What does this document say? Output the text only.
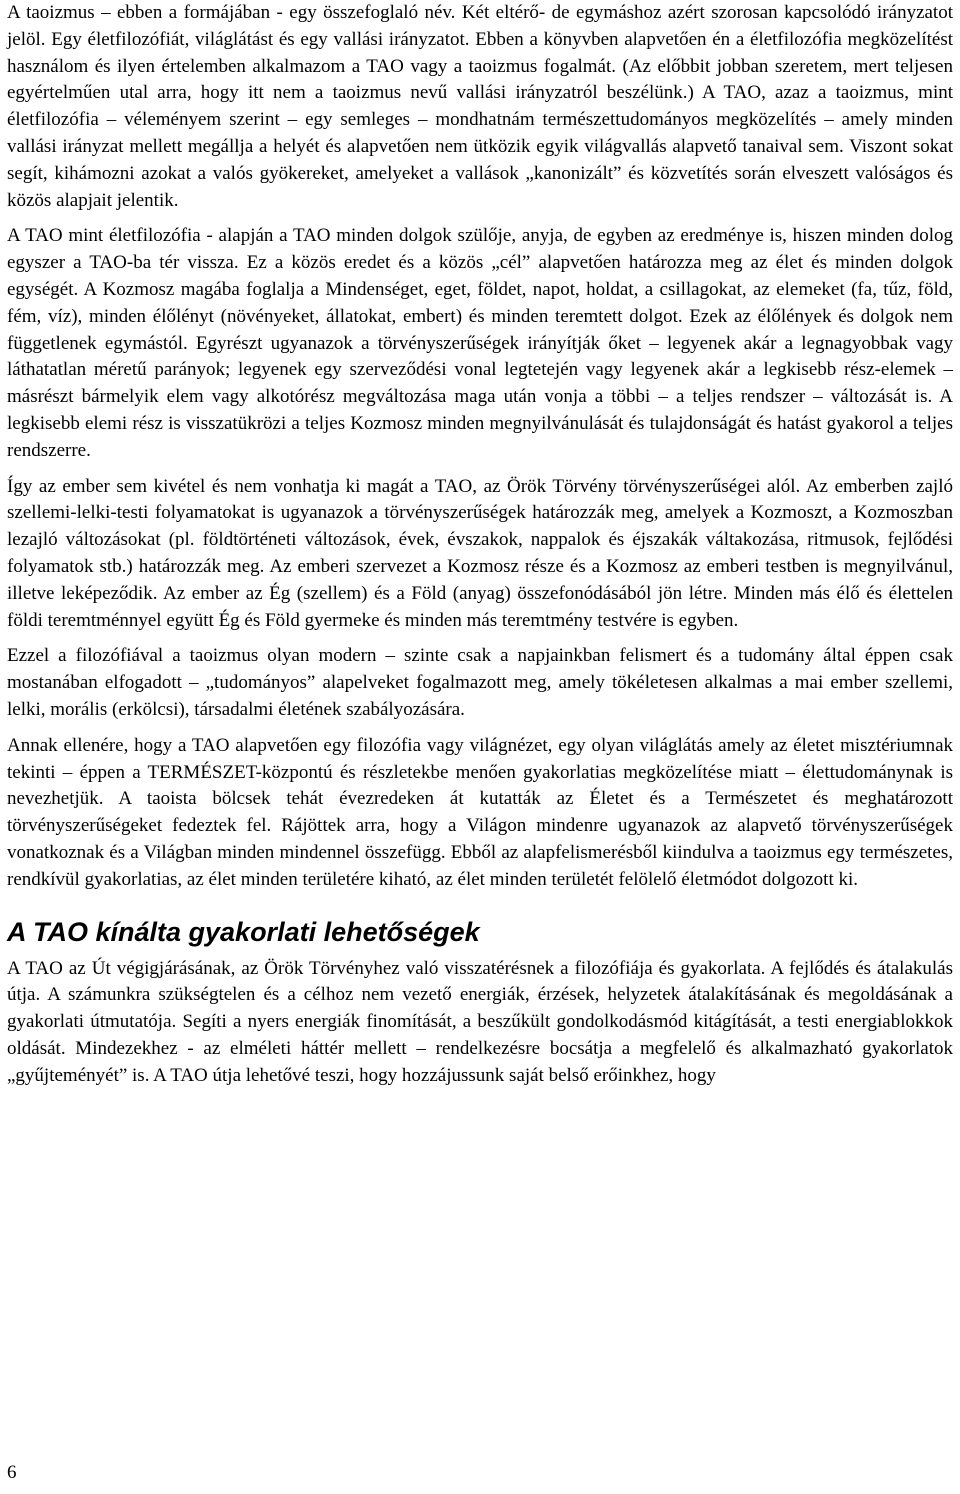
A taoizmus – ebben a formájában - egy összefoglaló név. Két eltérő- de egymáshoz azért szorosan kapcsolódó irányzatot jelöl. Egy életfilozófiát, világlátást és egy vallási irányzatot. Ebben a könyvben alapvetően én a életfilozófia megközelítést használom és ilyen értelemben alkalmazom a TAO vagy a taoizmus fogalmát. (Az előbbit jobban szeretem, mert teljesen egyértelműen utal arra, hogy itt nem a taoizmus nevű vallási irányzatról beszélünk.) A TAO, azaz a taoizmus, mint életfilozófia – véleményem szerint – egy semleges – mondhatnám természettudományos megközelítés – amely minden vallási irányzat mellett megállja a helyét és alapvetően nem ütközik egyik világvallás alapvető tanaival sem. Viszont sokat segít, kihámozni azokat a valós gyökereket, amelyeket a vallások „kanonizált” és közvetítés során elveszett valóságos és közös alapjait jelentik.

A TAO mint életfilozófia - alapján a TAO minden dolgok szülője, anyja, de egyben az eredménye is, hiszen minden dolog egyszer a TAO-ba tér vissza. Ez a közös eredet és a közös „cél” alapvetően határozza meg az élet és minden dolgok egységét. A Kozmosz magába foglalja a Mindenséget, eget, földet, napot, holdat, a csillagokat, az elemeket (fa, tűz, föld, fém, víz), minden élőlényt (növényeket, állatokat, embert) és minden teremtett dolgot. Ezek az élőlények és dolgok nem függetlenek egymástól. Egyrészt ugyanazok a törvényszerűségek irányítják őket – legyenek akár a legnagyobbak vagy láthatatlan méretű parányok; legyenek egy szerveződési vonal legtetején vagy legyenek akár a legkisebb rész-elemek – másrészt bármelyik elem vagy alkotórész megváltozása maga után vonja a többi – a teljes rendszer – változását is. A legkisebb elemi rész is visszatükrözi a teljes Kozmosz minden megnyilvánulását és tulajdonságát és hatást gyakorol a teljes rendszerre.

Így az ember sem kivétel és nem vonhatja ki magát a TAO, az Örök Törvény törvényszerűségei alól. Az emberben zajló szellemi-lelki-testi folyamatokat is ugyanazok a törvényszerűségek határozzák meg, amelyek a Kozmoszt, a Kozmoszban lezajló változásokat (pl. földtörténeti változások, évek, évszakok, nappalok és éjszakák váltakozása, ritmusok, fejlődési folyamatok stb.) határozzák meg. Az emberi szervezet a Kozmosz része és a Kozmosz az emberi testben is megnyilvánul, illetve leképeződik. Az ember az Ég (szellem) és a Föld (anyag) összefonódásából jön létre. Minden más élő és élettelen földi teremtménnyel együtt Ég és Föld gyermeke és minden más teremtmény testvére is egyben.

Ezzel a filozófiával a taoizmus olyan modern – szinte csak a napjainkban felismert és a tudomány által éppen csak mostanában elfogadott – „tudományos” alapelveket fogalmazott meg, amely tökéletesen alkalmas a mai ember szellemi, lelki, morális (erkölcsi), társadalmi életének szabályozására.

Annak ellenére, hogy a TAO alapvetően egy filozófia vagy világnézet, egy olyan világlátás amely az életet misztériumnak tekinti – éppen a TERMÉSZET-központú és részletekbe menően gyakorlatias megközelítése miatt – élettudománynak is nevezhetjük. A taoista bölcsek tehát évezredeken át kutatták az Életet és a Természetet és meghatározott törvényszerűségeket fedeztek fel. Rájöttek arra, hogy a Világon mindenre ugyanazok az alapvető törvényszerűségek vonatkoznak és a Világban minden mindennel összefügg. Ebből az alapfelismerésből kiindulva a taoizmus egy természetes, rendkívül gyakorlatias, az élet minden területére kiható, az élet minden területét felölelő életmódot dolgozott ki.

A TAO kínálta gyakorlati lehetőségek

A TAO az Út végigjárásának, az Örök Törvényhez való visszatérésnek a filozófiája és gyakorlata. A fejlődés és átalakulás útja. A számunkra szükségtelen és a célhoz nem vezető energiák, érzések, helyzetek átalakításának és megoldásának a gyakorlati útmutatója. Segíti a nyers energiák finomítását, a beszűkült gondolkodásmód kitágítását, a testi energiablokkok oldását. Mindezekhez - az elméleti háttér mellett – rendelkezésre bocsátja a megfelelő és alkalmazható gyakorlatok „gyűjteményét” is. A TAO útja lehetővé teszi, hogy hozzájussunk saját belső erőinkhez, hogy

6
